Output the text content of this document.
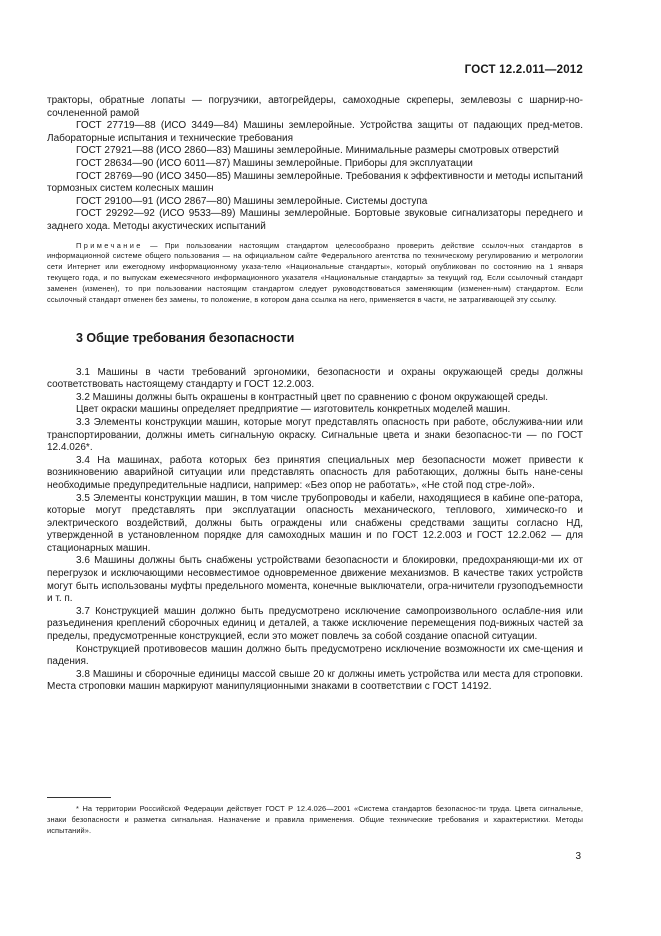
ГОСТ 12.2.011—2012

тракторы, обратные лопаты — погрузчики, автогрейдеры, самоходные скреперы, землевозы с шарнир-но-сочлененной рамой

ГОСТ 27719—88 (ИСО 3449—84) Машины землеройные. Устройства защиты от падающих пред-метов. Лабораторные испытания и технические требования

ГОСТ 27921—88 (ИСО 2860—83) Машины землеройные. Минимальные размеры смотровых отверстий

ГОСТ 28634—90 (ИСО 6011—87) Машины землеройные. Приборы для эксплуатации

ГОСТ 28769—90 (ИСО 3450—85) Машины землеройные. Требования к эффективности и методы испытаний тормозных систем колесных машин

ГОСТ 29100—91 (ИСО 2867—80) Машины землеройные. Системы доступа

ГОСТ 29292—92 (ИСО 9533—89) Машины землеройные. Бортовые звуковые сигнализаторы переднего и заднего хода. Методы акустических испытаний

Примечание — При пользовании настоящим стандартом целесообразно проверить действие ссылоч-ных стандартов в информационной системе общего пользования — на официальном сайте Федерального агентства по техническому регулированию и метрологии сети Интернет или ежегодному информационному указа-телю «Национальные стандарты», который опубликован по состоянию на 1 января текущего года, и по выпускам ежемесячного информационного указателя «Национальные стандарты» за текущий год. Если ссылочный стандарт заменен (изменен), то при пользовании настоящим стандартом следует руководствоваться заменяющим (изменен-ным) стандартом. Если ссылочный стандарт отменен без замены, то положение, в котором дана ссылка на него, применяется в части, не затрагивающей эту ссылку.

3 Общие требования безопасности

3.1 Машины в части требований эргономики, безопасности и охраны окружающей среды должны соответствовать настоящему стандарту и ГОСТ 12.2.003.

3.2 Машины должны быть окрашены в контрастный цвет по сравнению с фоном окружающей среды.

Цвет окраски машины определяет предприятие — изготовитель конкретных моделей машин.

3.3 Элементы конструкции машин, которые могут представлять опасность при работе, обслужива-нии или транспортировании, должны иметь сигнальную окраску. Сигнальные цвета и знаки безопаснос-ти — по ГОСТ 12.4.026*.

3.4 На машинах, работа которых без принятия специальных мер безопасности может привести к возникновению аварийной ситуации или представлять опасность для работающих, должны быть нане-сены необходимые предупредительные надписи, например: «Без опор не работать», «Не стой под стре-лой».

3.5 Элементы конструкции машин, в том числе трубопроводы и кабели, находящиеся в кабине опе-ратора, которые могут представлять при эксплуатации опасность механического, теплового, химическо-го и электрического воздействий, должны быть ограждены или снабжены средствами защиты согласно НД, утвержденной в установленном порядке для самоходных машин и по ГОСТ 12.2.003 и ГОСТ 12.2.062 — для стационарных машин.

3.6 Машины должны быть снабжены устройствами безопасности и блокировки, предохраняющи-ми их от перегрузок и исключающими несовместимое одновременное движение механизмов. В качестве таких устройств могут быть использованы муфты предельного момента, конечные выключатели, огра-ничители грузоподъемности и т. п.

3.7 Конструкцией машин должно быть предусмотрено исключение самопроизвольного ослабле-ния или разъединения креплений сборочных единиц и деталей, а также исключение перемещения под-вижных частей за пределы, предусмотренные конструкцией, если это может повлечь за собой создание опасной ситуации.

Конструкцией противовесов машин должно быть предусмотрено исключение возможности их сме-щения и падения.

3.8 Машины и сборочные единицы массой свыше 20 кг должны иметь устройства или места для строповки. Места строповки машин маркируют манипуляционными знаками в соответствии с ГОСТ 14192.

* На территории Российской Федерации действует ГОСТ Р 12.4.026—2001 «Система стандартов безопаснос-ти труда. Цвета сигнальные, знаки безопасности и разметка сигнальная. Назначение и правила применения. Общие технические требования и характеристики. Методы испытаний».

3
